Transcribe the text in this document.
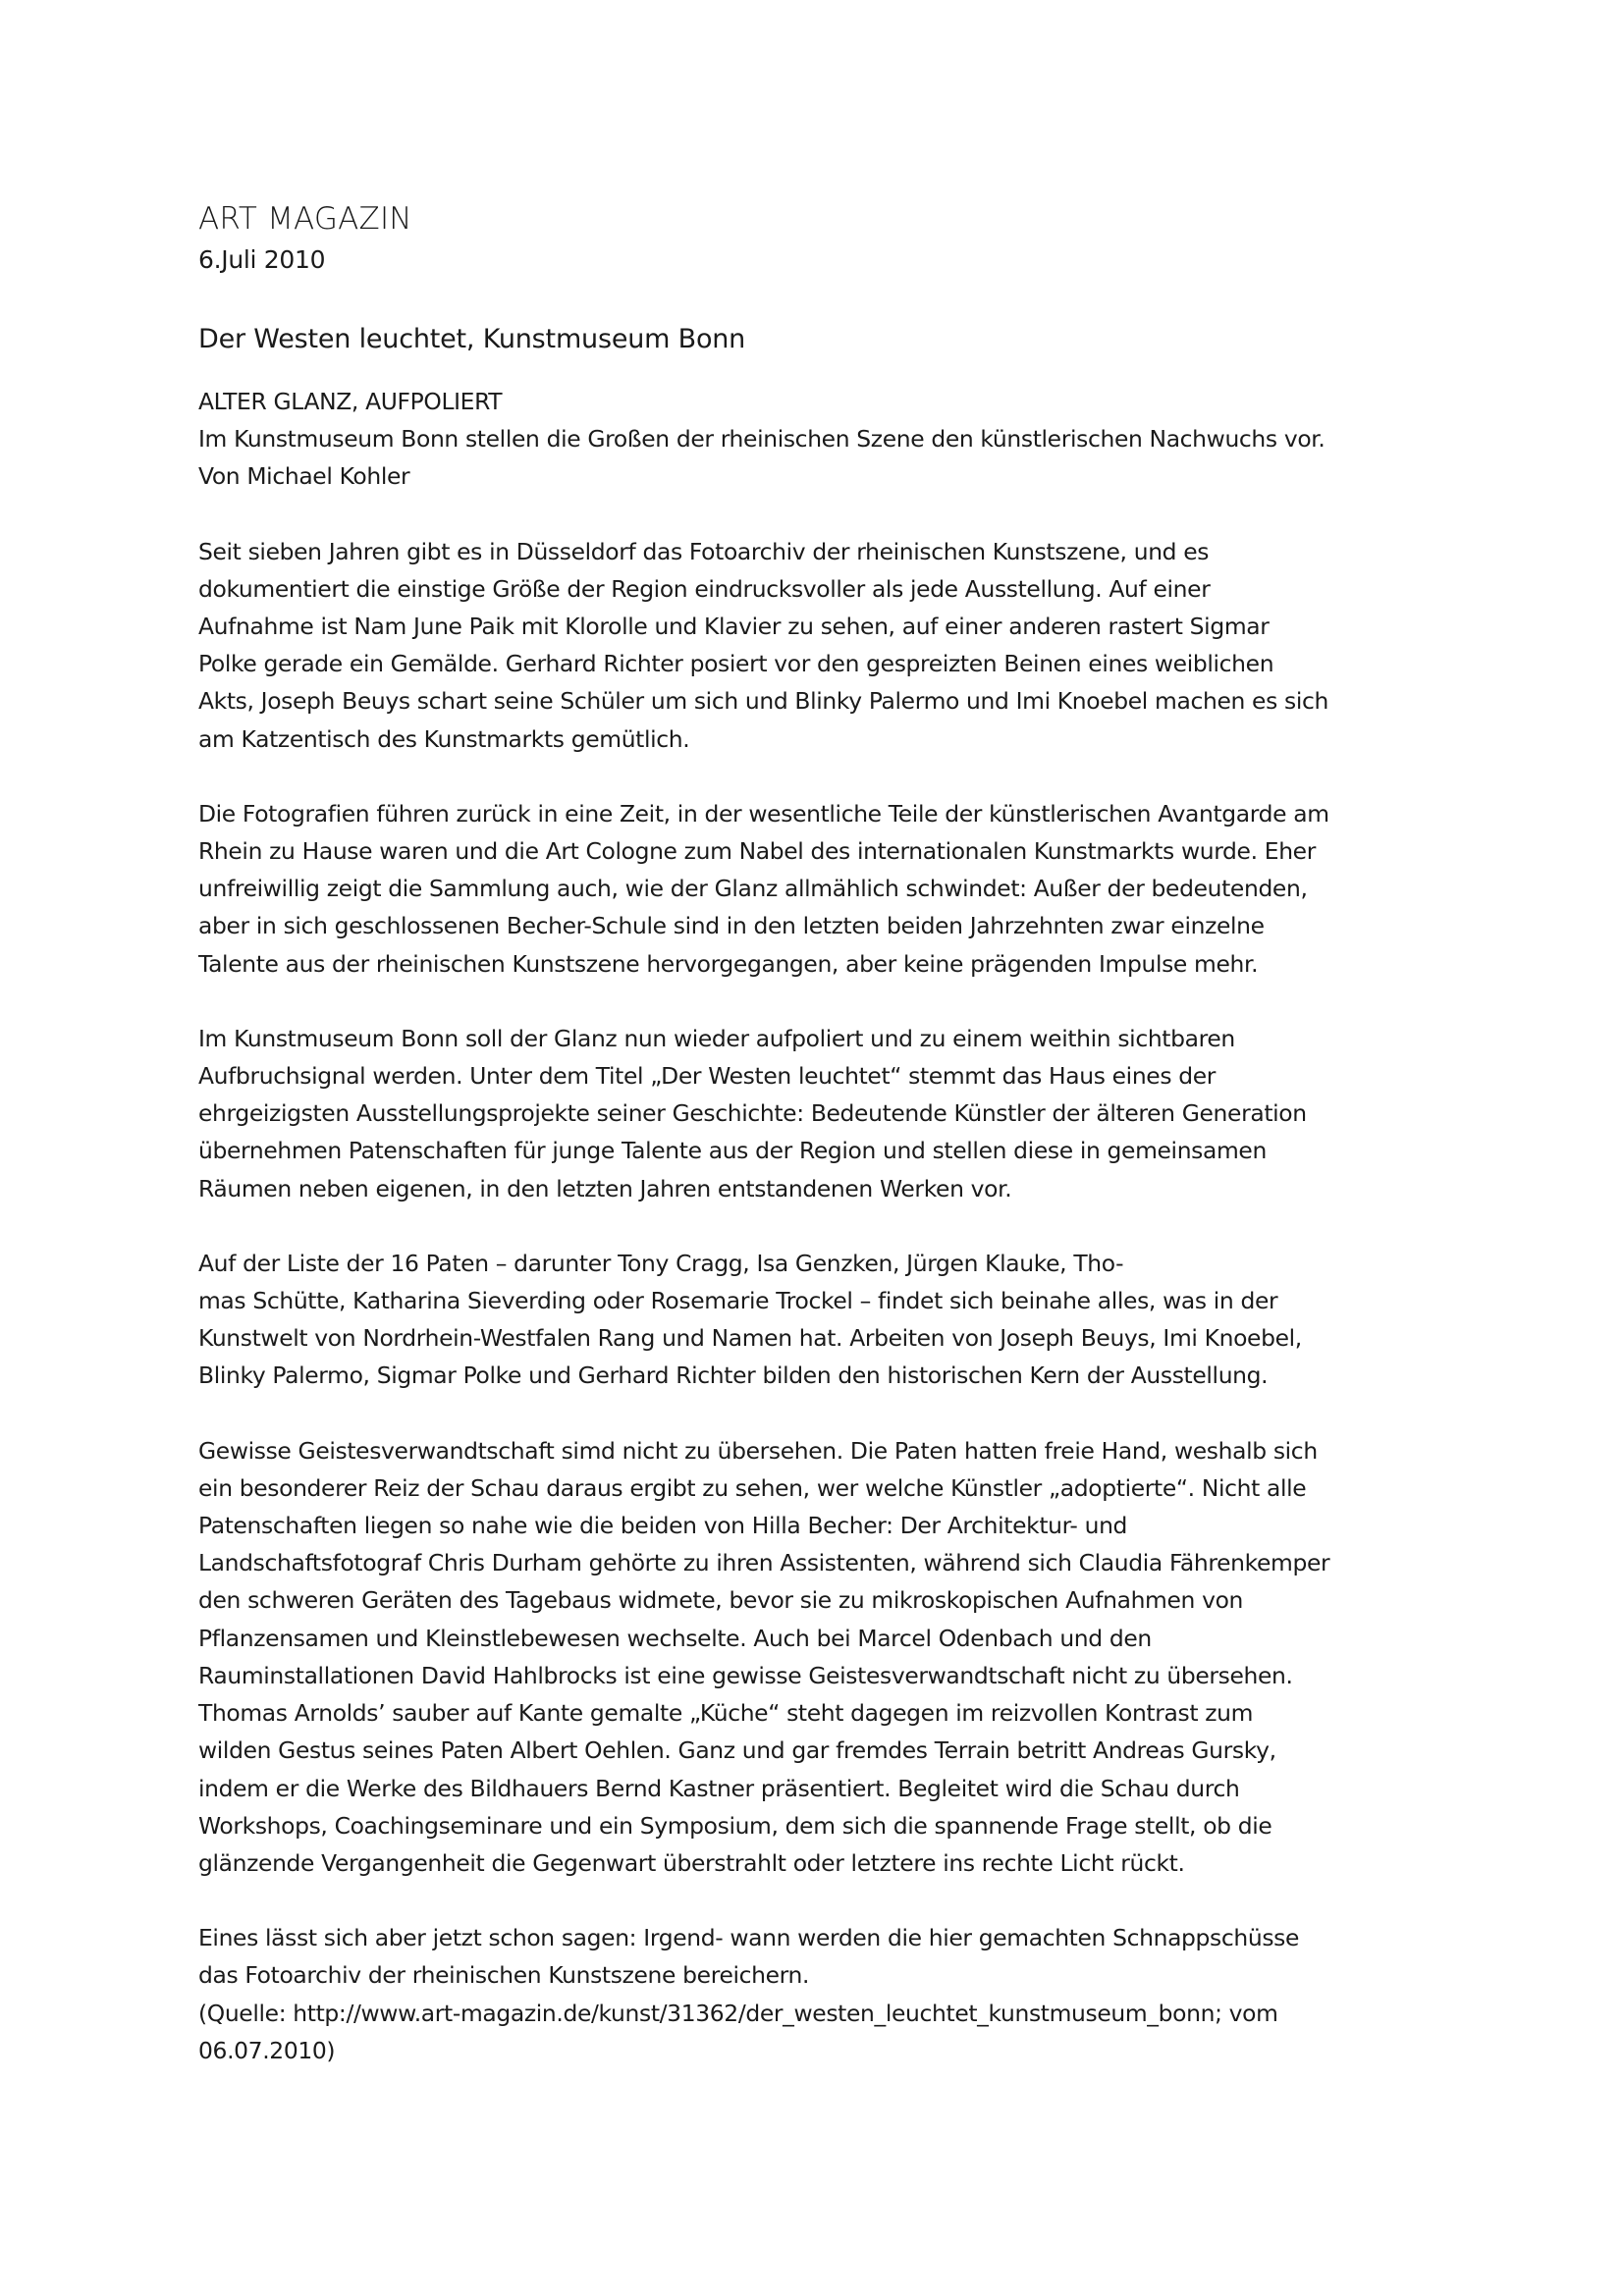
ART MAGAZIN
6.Juli 2010
Der Westen leuchtet, Kunstmuseum Bonn
ALTER GLANZ, AUFPOLIERT
Im Kunstmuseum Bonn stellen die Großen der rheinischen Szene den künstlerischen Nachwuchs vor.
Von Michael Kohler
Seit sieben Jahren gibt es in Düsseldorf das Fotoarchiv der rheinischen Kunstszene, und es
dokumentiert die einstige Größe der Region eindrucksvoller als jede Ausstellung. Auf einer
Aufnahme ist Nam June Paik mit Klorolle und Klavier zu sehen, auf einer anderen rastert Sigmar
Polke gerade ein Gemälde. Gerhard Richter posiert vor den gespreizten Beinen eines weiblichen
Akts, Joseph Beuys schart seine Schüler um sich und Blinky Palermo und Imi Knoebel machen es sich
am Katzentisch des Kunstmarkts gemütlich.
Die Fotografien führen zurück in eine Zeit, in der wesentliche Teile der künstlerischen Avantgarde am
Rhein zu Hause waren und die Art Cologne zum Nabel des internationalen Kunstmarkts wurde. Eher
unfreiwillig zeigt die Sammlung auch, wie der Glanz allmählich schwindet: Außer der bedeutenden,
aber in sich geschlossenen Becher-Schule sind in den letzten beiden Jahrzehnten zwar einzelne
Talente aus der rheinischen Kunstszene hervorgegangen, aber keine prägenden Impulse mehr.
Im Kunstmuseum Bonn soll der Glanz nun wieder aufpoliert und zu einem weithin sichtbaren
Aufbruchsignal werden. Unter dem Titel „Der Westen leuchtet“ stemmt das Haus eines der
ehrgeizigsten Ausstellungsprojekte seiner Geschichte: Bedeutende Künstler der älteren Generation
übernehmen Patenschaften für junge Talente aus der Region und stellen diese in gemeinsamen
Räumen neben eigenen, in den letzten Jahren entstandenen Werken vor.
Auf der Liste der 16 Paten – darunter Tony Cragg, Isa Genzken, Jürgen Klauke, Tho-
mas Schütte, Katharina Sieverding oder Rosemarie Trockel – findet sich beinahe alles, was in der
Kunstwelt von Nordrhein-Westfalen Rang und Namen hat. Arbeiten von Joseph Beuys, Imi Knoebel,
Blinky Palermo, Sigmar Polke und Gerhard Richter bilden den historischen Kern der Ausstellung.
Gewisse Geistesverwandtschaft simd nicht zu übersehen. Die Paten hatten freie Hand, weshalb sich
ein besonderer Reiz der Schau daraus ergibt zu sehen, wer welche Künstler „adoptierte“. Nicht alle
Patenschaften liegen so nahe wie die beiden von Hilla Becher: Der Architektur- und
Landschaftsfotograf Chris Durham gehörte zu ihren Assistenten, während sich Claudia Fährenkemper
den schweren Geräten des Tagebaus widmete, bevor sie zu mikroskopischen Aufnahmen von
Pflanzensamen und Kleinstlebewesen wechselte. Auch bei Marcel Odenbach und den
Rauminstallationen David Hahlbrocks ist eine gewisse Geistesverwandtschaft nicht zu übersehen.
Thomas Arnolds’ sauber auf Kante gemalte „Küche“ steht dagegen im reizvollen Kontrast zum
wilden Gestus seines Paten Albert Oehlen. Ganz und gar fremdes Terrain betritt Andreas Gursky,
indem er die Werke des Bildhauers Bernd Kastner präsentiert. Begleitet wird die Schau durch
Workshops, Coachingseminare und ein Symposium, dem sich die spannende Frage stellt, ob die
glänzende Vergangenheit die Gegenwart überstrahlt oder letztere ins rechte Licht rückt.
Eines lässt sich aber jetzt schon sagen: Irgend- wann werden die hier gemachten Schnappschüsse
das Fotoarchiv der rheinischen Kunstszene bereichern.
(Quelle: http://www.art-magazin.de/kunst/31362/der_westen_leuchtet_kunstmuseum_bonn; vom
06.07.2010)
